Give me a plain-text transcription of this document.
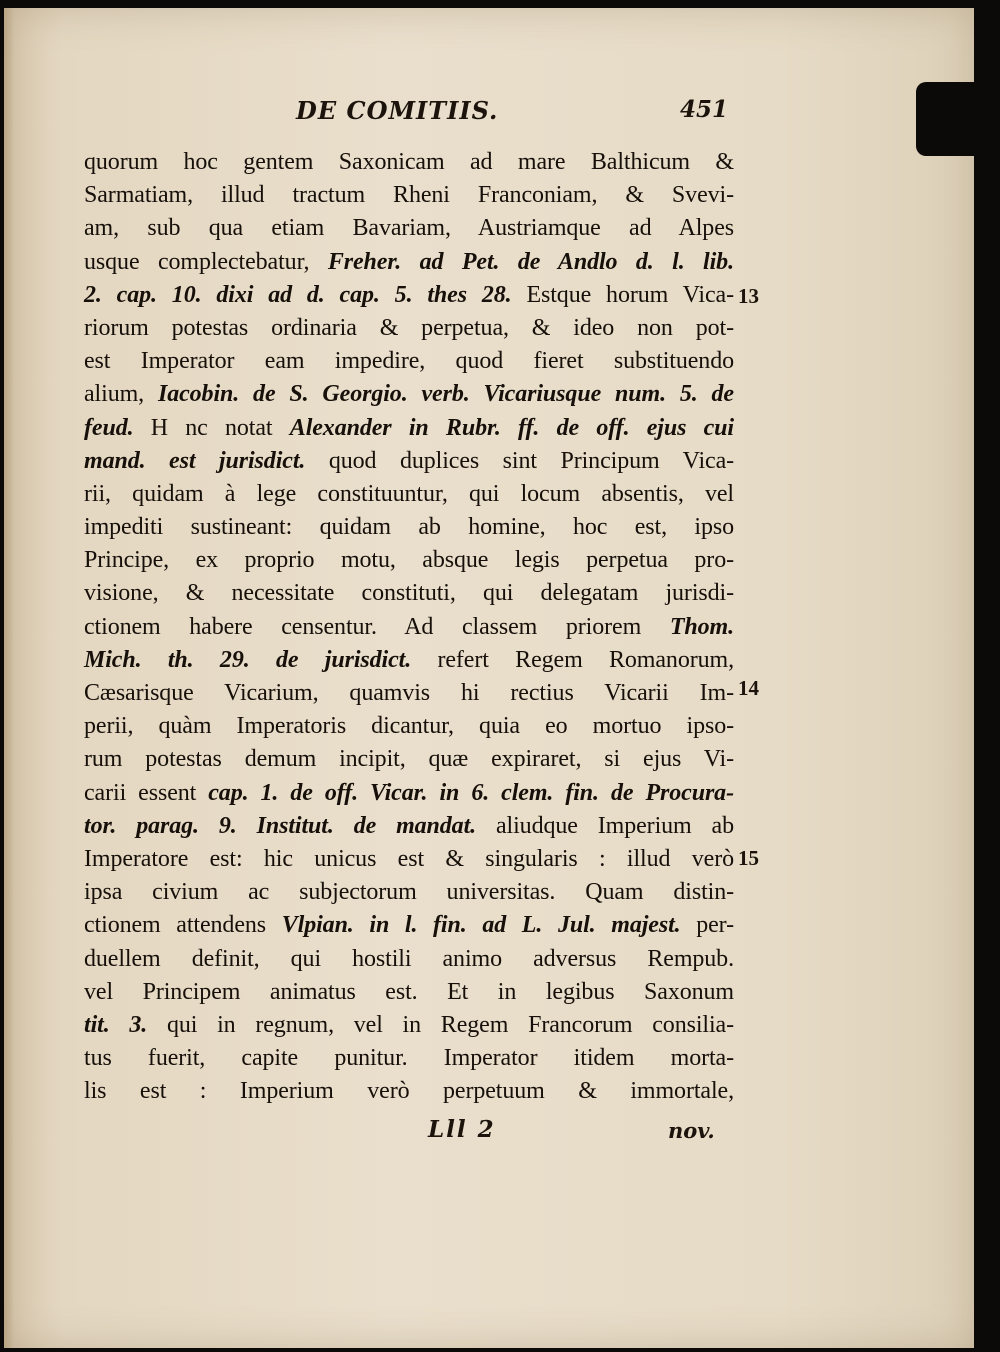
DE COMITIIS.	451
quorum hoc gentem Saxonicam ad mare Balthicum &
Sarmatiam, illud tractum Rheni Franconiam, & Svevi-
am, sub qua etiam Bavariam, Austriamque ad Alpes
usque complectebatur, Freher. ad Pet. de Andlo d. l. lib.
2. cap. 10. dixi ad d. cap. 5. thes 28. Estque horum Vica-
riorum potestas ordinaria & perpetua, & ideo non pot-
est Imperator eam impedire, quod fieret substituendo
alium, Iacobin. de S. Georgio. verb. Vicariusque num. 5. de
feud. H nc notat Alexander in Rubr. ff. de off. ejus cui
mand. est jurisdict. quod duplices sint Principum Vica-
rii, quidam à lege constituuntur, qui locum absentis, vel
impediti sustineant: quidam ab homine, hoc est, ipso
Principe, ex proprio motu, absque legis perpetua pro-
visione, & necessitate constituti, qui delegatam jurisdi-
ctionem habere censentur. Ad classem priorem Thom.
Mich. th. 29. de jurisdict. refert Regem Romanorum,
Cæsarisque Vicarium, quamvis hi rectius Vicarii Im-
perii, quàm Imperatoris dicantur, quia eo mortuo ipso-
rum potestas demum incipit, quæ expiraret, si ejus Vi-
carii essent cap. 1. de off. Vicar. in 6. clem. fin. de Procura-
tor. parag. 9. Institut. de mandat. aliudque Imperium ab
Imperatore est: hic unicus est & singularis : illud verò
ipsa civium ac subjectorum universitas. Quam distin-
ctionem attendens Vlpian. in l. fin. ad L. Jul. majest. per-
duellem definit, qui hostili animo adversus Rempub.
vel Principem animatus est. Et in legibus Saxonum
tit. 3. qui in regnum, vel in Regem Francorum consilia-
tus fuerit, capite punitur. Imperator itidem morta-
lis est : Imperium verò perpetuum & immortale,
13
14
15
Lll 2	nov.
